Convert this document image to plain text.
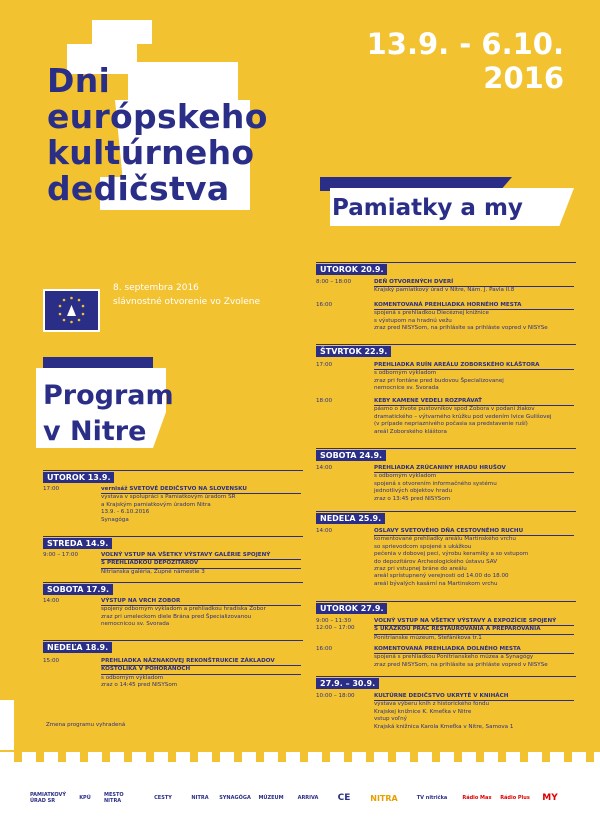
Dni
európskeho
kultúrneho
dedičstva
13.9. - 6.10.
2016
Pamiatky a my
8. septembra 2016
slávnostné otvorenie vo Zvolene
Program
v Nitre
UTOROK 13.9.
17:00	vernisáž SVETOVÉ DEDIČSTVO NA SLOVENSKU
výstava v spolupráci s Pamiatkovým úradom SR
a Krajským pamiatkovým úradom Nitra
13.9. - 6.10.2016
Synagóga
STREDA 14.9.
9:00 – 17:00	VOĽNÝ VSTUP NA VŠETKY VÝSTAVY GALÉRIE SPOJENÝ
S PREHLIADKOU DEPOZITÁROV
Nitrianska galéria, Župné námestie 3
SOBOTA 17.9.
14:00	VÝSTUP NA VRCH ZOBOR
spojený odborným výkladom a prehliadkou hradiska Zobor
zraz pri umeleckom diele Brána pred Špecializovanou
nemocnicou sv. Svorada
NEDEĽA 18.9.
15:00	PREHLIADKA NÁZNAKOVEJ REKONŠTRUKCIE ZÁKLADOV
KOSTOLÍKA V POHORANOCH
s odborným výkladom
zraz o 14:45 pred NISYSom
Zmena programu vyhradená
UTOROK 20.9.
8:00 – 18:00	DEŇ OTVORENÝCH DVERÍ
Krajský pamiatkový úrad v Nitre, Nám. J. Pavla II.8
16:00	KOMENTOVANÁ PREHLIADKA HORNÉHO MESTA
spojená s prehliadkou Diecéznej knižnice
s výstupom na hradnú vežu
zraz pred NISYSom, na prihlásite sa prihláste vopred v NISYSe
ŠTVRTOK 22.9.
17:00	PREHLIADKA RUÍN AREÁLU ZOBORSKÉHO KLÁŠTORA
s odborným výkladom
zraz pri fontáne pred budovou Špecializovanej
nemocnice sv. Svorada
18:00	KEBY KAMENE VEDELI ROZPRÁVAŤ
pásmo o živote pustovníkov spod Zobora v podaní žiakov
dramatického – výtvarného krúžku pod vedením Ivice Gulišovej
(v prípade nepriaznivého počasia sa predstavenie ruší)
areál Zoborského kláštora
SOBOTA 24.9.
14:00	PREHLIADKA ZRÚCANINY HRADU HRUŠOV
s odborným výkladom
spojená s otvorením informačného systému
jednotlivých objektov hradu
zraz o 13:45 pred NISYSom
NEDEĽA 25.9.
14:00	OSLAVY SVETOVÉHO DŇA CESTOVNÉHO RUCHU
komentované prehliadky areálu Martinského vrchu
so sprievodcom spojené s ukážkou
pečenia v dobovej peci, výrobu keramiky a so vstupom
do depozitárov Archeologického ústavu SAV
zraz pri vstupnej bráne do areálu
areál sprístupnený verejnosti od 14.00 do 18.00
areál bývalých kasární na Martinskom vrchu
UTOROK 27.9.
9:00 – 11:30
12:00 – 17:00
VOĽNÝ VSTUP NA VŠETKY VÝSTAVY A EXPOZÍCIE SPOJENÝ
S UKÁŽKOU PRÁC REŠTAUROVANIA A PREPAROVANIA
Ponitrianske múzeum, Štefánikova tr.1
16:00	KOMENTOVANÁ PREHLIADKA DOLNÉHO MESTA
spojená s prehliadkou Ponitrianskeho múzea a Synagógy
zraz pred NISYSom, na prihlásite sa prihláste vopred v NISYSe
27.9. – 30.9.
10:00 – 18:00	KULTÚRNE DEDIČSTVO UKRYTÉ V KNIHÁCH
výstava výberu kníh z historického fondu
Krajskej knižnice K. Kmeťka v Nitre
vstup voľný
Krajská knižnica Karola Kmeťka v Nitre, Samova 1
PAMIATKOVÝ ÚRAD SR	KPÚ	MESTO NITRA	CESTY	NITRA	SYNAGÓGA	MÚZEUM	ARRIVA	CE	NITRA	TV nitrička	Rádio Max	Rádio Plus	MY
